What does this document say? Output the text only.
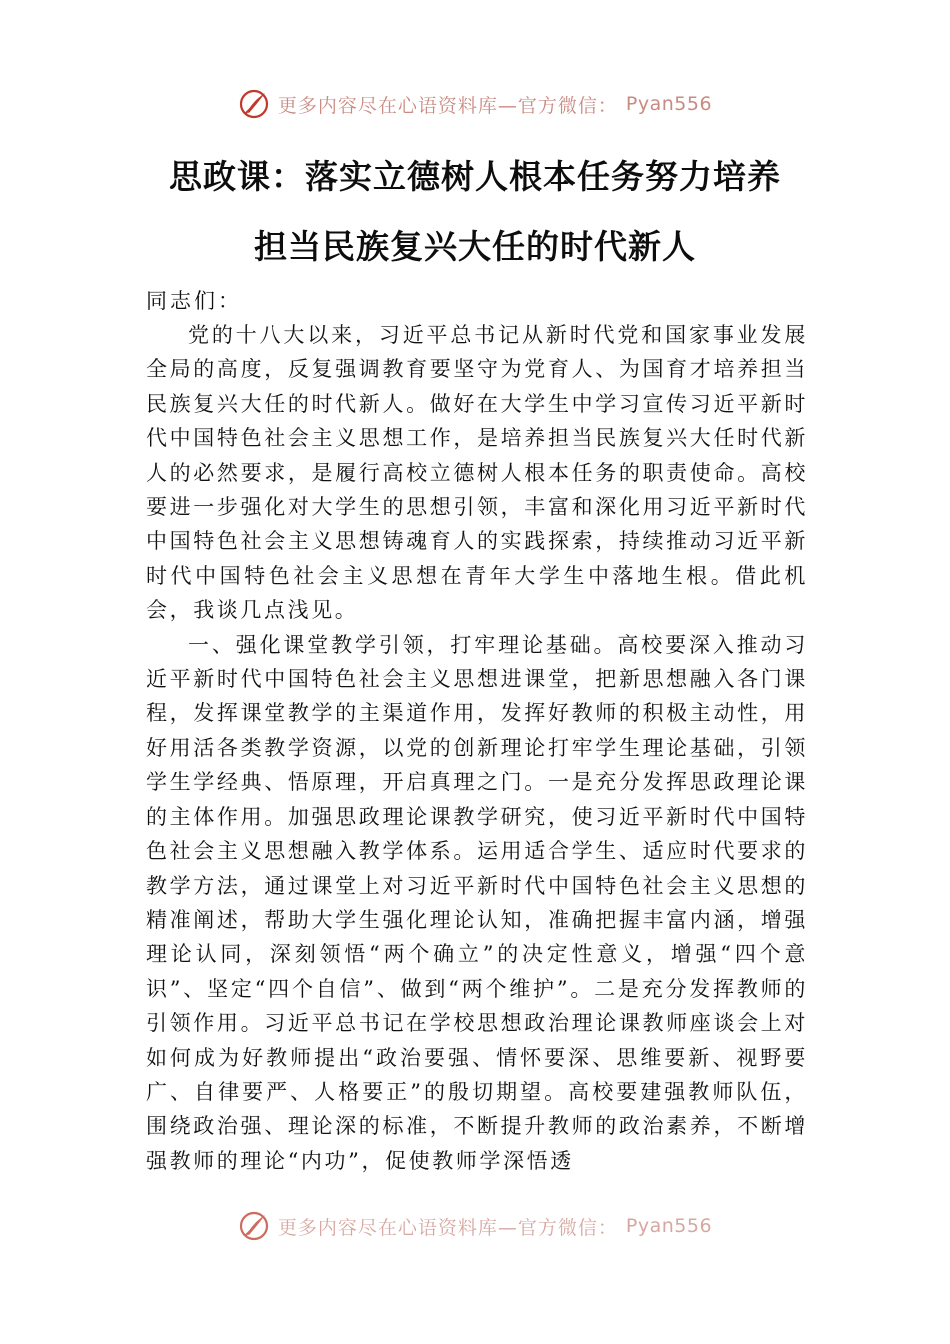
更多内容尽在心语资料库—官方微信： Pyan556
思政课：落实立德树人根本任务努力培养
担当民族复兴大任的时代新人
同志们：

党的十八大以来，习近平总书记从新时代党和国家事业发展全局的高度，反复强调教育要坚守为党育人、为国育才培养担当民族复兴大任的时代新人。做好在大学生中学习宣传习近平新时代中国特色社会主义思想工作，是培养担当民族复兴大任时代新人的必然要求，是履行高校立德树人根本任务的职责使命。高校要进一步强化对大学生的思想引领，丰富和深化用习近平新时代中国特色社会主义思想铸魂育人的实践探索，持续推动习近平新时代中国特色社会主义思想在青年大学生中落地生根。借此机会，我谈几点浅见。

一、强化课堂教学引领，打牢理论基础。高校要深入推动习近平新时代中国特色社会主义思想进课堂，把新思想融入各门课程，发挥课堂教学的主渠道作用，发挥好教师的积极主动性，用好用活各类教学资源，以党的创新理论打牢学生理论基础，引领学生学经典、悟原理，开启真理之门。一是充分发挥思政理论课的主体作用。加强思政理论课教学研究，使习近平新时代中国特色社会主义思想融入教学体系。运用适合学生、适应时代要求的教学方法，通过课堂上对习近平新时代中国特色社会主义思想的精准阐述，帮助大学生强化理论认知，准确把握丰富内涵，增强理论认同，深刻领悟“两个确立”的决定性意义，增强“四个意识”、坚定“四个自信”、做到“两个维护”。二是充分发挥教师的引领作用。习近平总书记在学校思想政治理论课教师座谈会上对如何成为好教师提出“政治要强、情怀要深、思维要新、视野要广、自律要严、人格要正”的殷切期望。高校要建强教师队伍，围绕政治强、理论深的标准，不断提升教师的政治素养，不断增强教师的理论“内功”，促使教师学深悟透

更多内容尽在心语资料库—官方微信： Pyan556
